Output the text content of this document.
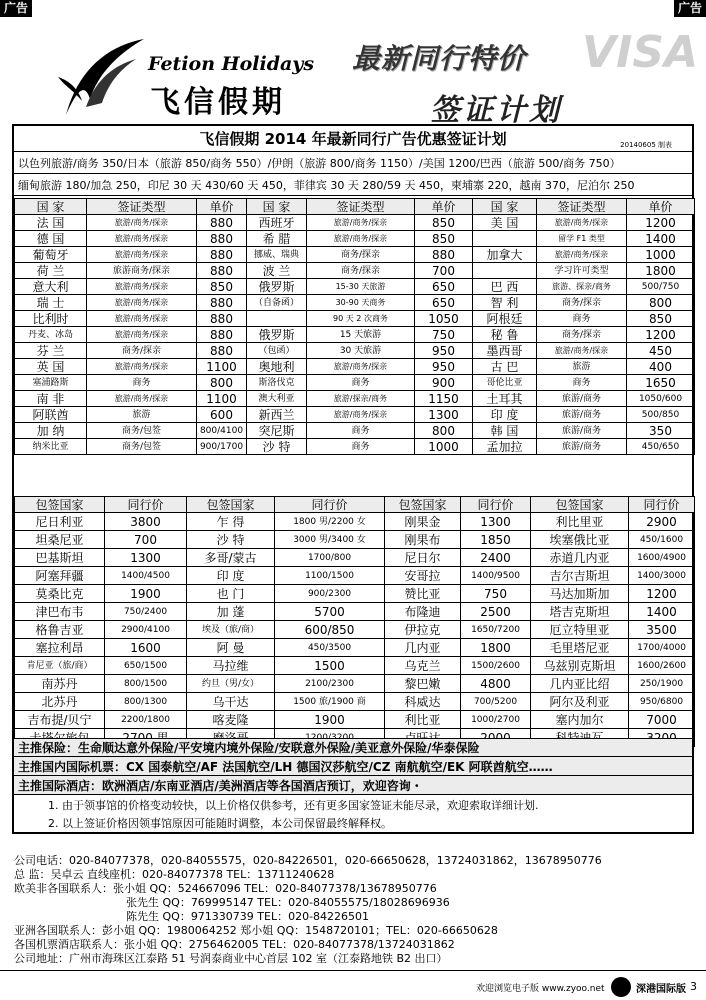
广告	广告
Fetion Holidays
飞信假期
最新同行特价
签证计划
VISA
飞信假期 2014 年最新同行广告优惠签证计划	20140605 制表
以色列旅游/商务 350/日本（旅游 850/商务 550）/伊朗（旅游 800/商务 1150）/美国 1200/巴西（旅游 500/商务 750）
缅甸旅游 180/加急 250，印尼 30 天 430/60 天 450，菲律宾 30 天 280/59 天 450，柬埔寨 220，越南 370，尼泊尔 250
国 家	签证类型	单价	国 家	签证类型	单价	国 家	签证类型	单价
法 国	旅游/商务/探亲	880	西班牙	旅游/商务/探亲	850	美 国	旅游/商务/探亲	1200
德 国	旅游/商务/探亲	880	希 腊	旅游/商务/探亲	850		留学 F1 类型	1400
葡萄牙	旅游/商务/探亲	880	挪威、瑞典	商务/探亲	880	加拿大	旅游/商务/探亲	1000
荷 兰	旅游商务/探亲	880	波 兰	商务/探亲	700		学习许可类型	1800
意大利	旅游/商务/探亲	850	俄罗斯	15-30 天旅游	650	巴 西	旅游、探亲/商务	500/750
瑞 士	旅游/商务/探亲	880	（自备函）	30-90 天商务	650	智 利	商务/探亲	800
比利时	旅游/商务/探亲	880		90 天 2 次商务	1050	阿根廷	商务	850
丹麦、冰岛	旅游/商务/探亲	880	俄罗斯	15 天旅游	750	秘 鲁	商务/探亲	1200
芬 兰	商务/探亲	880	（包函）	30 天旅游	950	墨西哥	旅游/商务/探亲	450
英 国	旅游/商务/探亲	1100	奥地利	旅游/商务/探亲	950	古 巴	旅游	400
塞浦路斯	商务	800	斯洛伐克	商务	900	哥伦比亚	商务	1650
南 非	旅游/商务/探亲	1100	澳大利亚	旅游/探亲/商务	1150	土耳其	旅游/商务	1050/600
阿联酋	旅游	600	新西兰	旅游/商务/探亲	1300	印 度	旅游/商务	500/850
加 纳	商务/包签	800/4100	突尼斯	商务	800	韩 国	旅游/商务	350
纳米比亚	商务/包签	900/1700	沙 特	商务	1000	孟加拉	旅游/商务	450/650
包签国家	同行价	包签国家	同行价	包签国家	同行价	包签国家	同行价
尼日利亚	3800	乍 得	1800 男/2200 女	刚果金	1300	利比里亚	2900
坦桑尼亚	700	沙 特	3000 男/3400 女	刚果布	1850	埃塞俄比亚	450/1600
巴基斯坦	1300	多哥/蒙古	1700/800	尼日尔	2400	赤道几内亚	1600/4900
阿塞拜疆	1400/4500	印 度	1100/1500	安哥拉	1400/9500	吉尔吉斯坦	1400/3000
莫桑比克	1900	也 门	900/2300	赞比亚	750	马达加斯加	1200
津巴布韦	750/2400	加 蓬	5700	布隆迪	2500	塔吉克斯坦	1400
格鲁吉亚	2900/4100	埃及（旅/商）	600/850	伊拉克	1650/7200	厄立特里亚	3500
塞拉利昂	1600	阿 曼	450/3500	几内亚	1800	毛里塔尼亚	1700/4000
肯尼亚（旅/商）	650/1500	马拉维	1500	乌克兰	1500/2600	乌兹别克斯坦	1600/2600
南苏丹	800/1500	约旦（男/女）	2100/2300	黎巴嫩	4800	几内亚比绍	250/1900
北苏丹	800/1300	乌干达	1500 旅/1900 商	科威达	700/5200	阿尔及利亚	950/6800
吉布提/贝宁	2200/1800	喀麦隆	1900	利比亚	1000/2700	塞内加尔	7000

主推保险：生命顺达意外保险/平安境内境外保险/安联意外保险/美亚意外保险/华泰保险
主推国内国际机票：CX 国泰航空/AF 法国航空/LH 德国汉莎航空/CZ 南航航空/EK 阿联酋航空……
主推国际酒店：欧洲酒店/东南亚酒店/美洲酒店等各国酒店预订，欢迎咨询・
1. 由于领事馆的价格变动较快，以上价格仅供参考，还有更多国家签证未能尽录，欢迎索取详细计划.
2. 以上签证价格因领事馆原因可能随时调整，本公司保留最终解释权。
公司电话：020-84077378，020-84055575，020-84226501，020-66650628，13724031862，13678950776
总 监：吴卓云 直线座机：020-84077378 TEL：13711240628
欧美非各国联系人：张小姐 QQ：524667096 TEL：020-84077378/13678950776
张先生 QQ：769995147 TEL：020-84055575/18028696936
陈先生 QQ：971330739 TEL：020-84226501
亚洲各国联系人：彭小姐 QQ：1980064252 郑小姐 QQ：1548720101；TEL：020-66650628
各国机票酒店联系人：张小姐 QQ：2756462005 TEL：020-84077378/13724031862
公司地址：广州市海珠区江泰路 51 号润泰商业中心首层 102 室（江泰路地铁 B2 出口）
欢迎浏览电子版 www.zyoo.net	深港国际版 3
